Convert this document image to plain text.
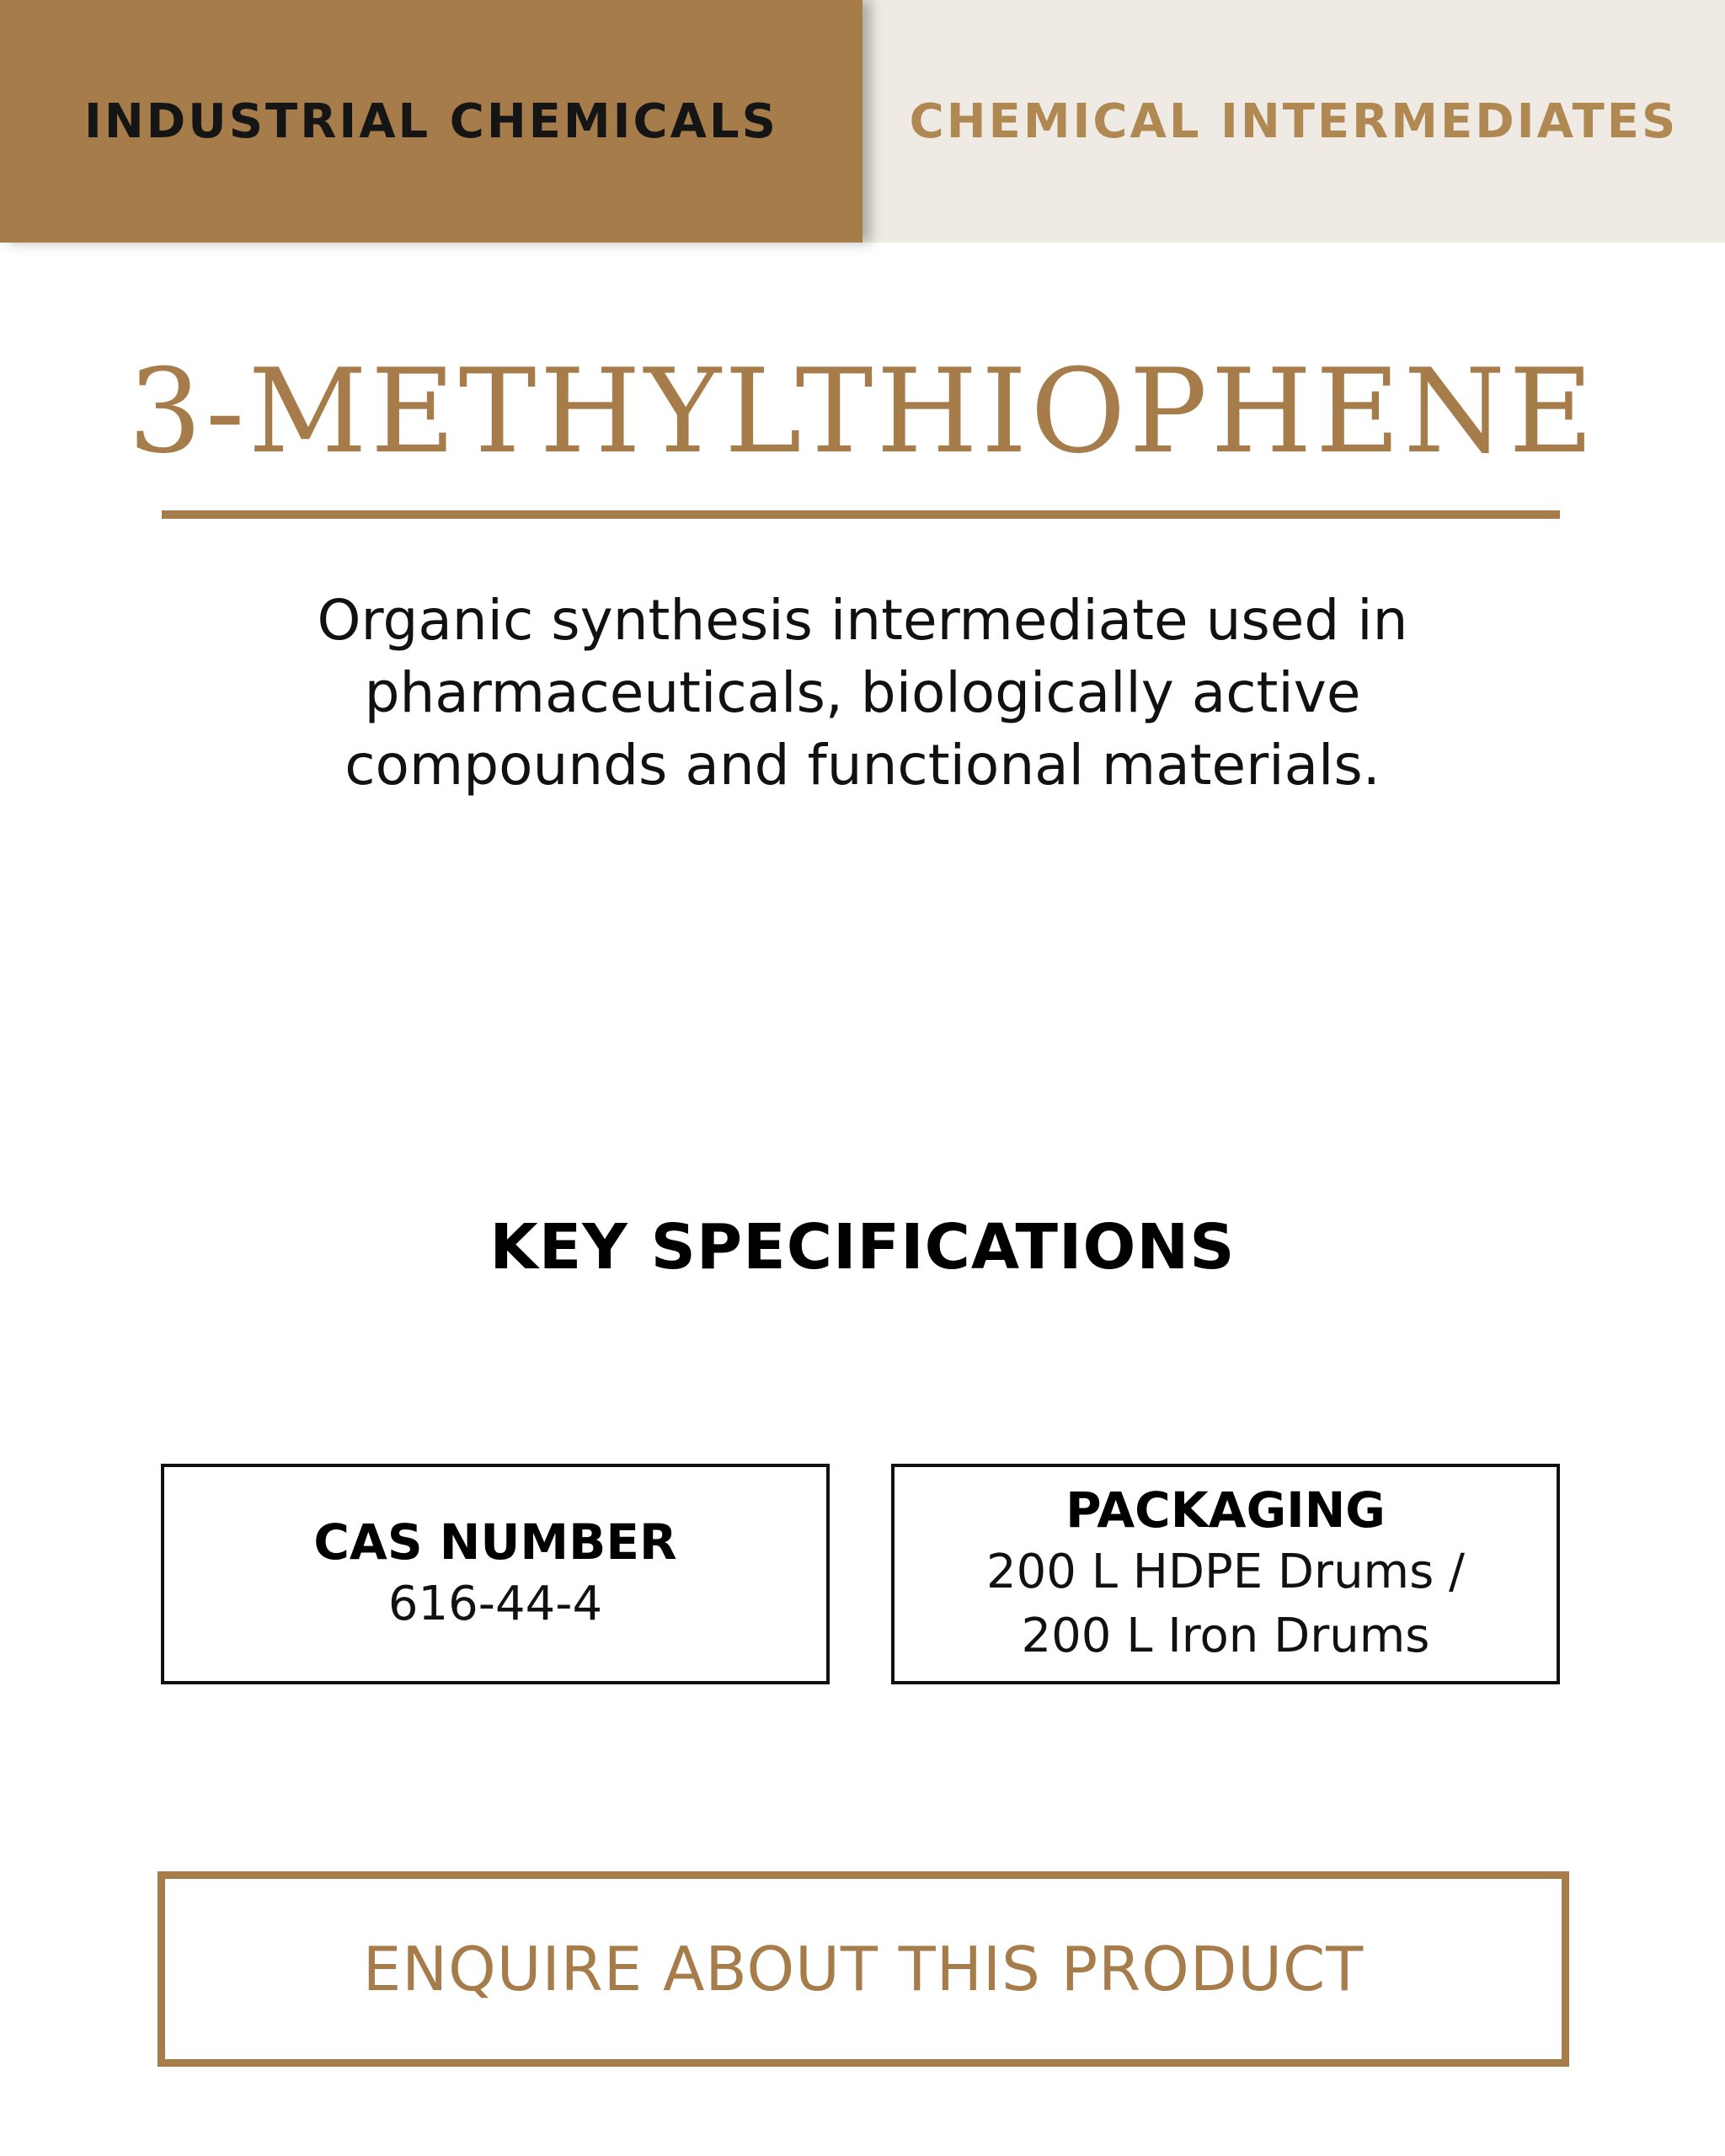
INDUSTRIAL CHEMICALS	CHEMICAL INTERMEDIATES
3-METHYLTHIOPHENE
Organic synthesis intermediate used in pharmaceuticals, biologically active compounds and functional materials.
KEY SPECIFICATIONS
CAS NUMBER
616-44-4
PACKAGING
200 L HDPE Drums /
200 L Iron Drums
ENQUIRE ABOUT THIS PRODUCT
